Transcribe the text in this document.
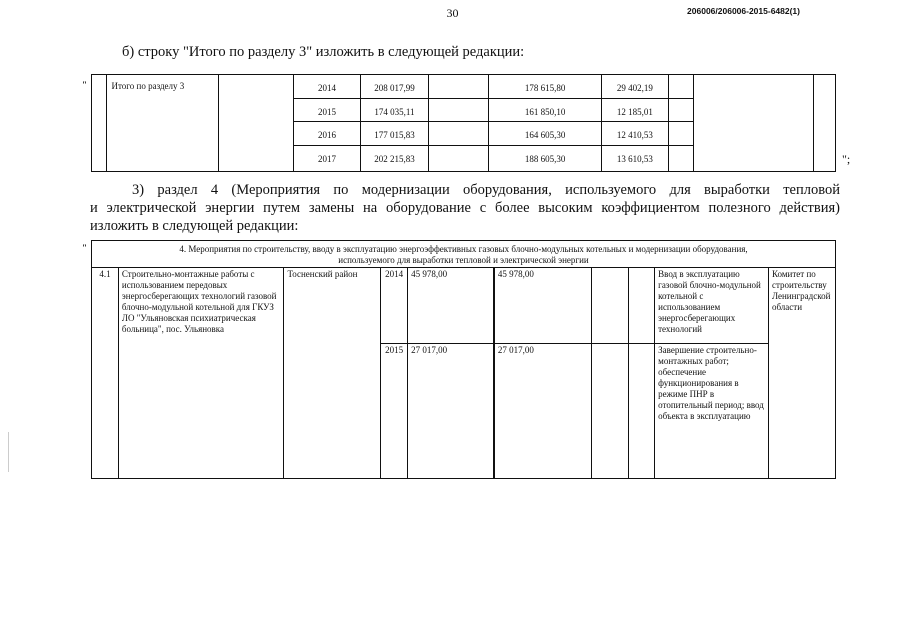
30	206006/206006-2015-6482(1)
б) строку "Итого по разделу 3" изложить в следующей редакции:
"
";
	Итого по разделу 3		2014	208 017,99		178 615,80	29 402,19			
			2015	174 035,11		161 850,10	12 185,01			
			2016	177 015,83		164 605,30	12 410,53			
			2017	202 215,83		188 605,30	13 610,53			
3) раздел 4 (Мероприятия по модернизации оборудования, используемого для выработки тепловой
и электрической энергии путем замены на оборудование с более высоким коэффициентом полезного действия)
изложить в следующей редакции:
"	4. Мероприятия по строительству, вводу в эксплуатацию энергоэффективных газовых блочно-модульных котельных и модернизации оборудования,
используемого для выработки тепловой и электрической энергии									

4.1	Строительно-монтажные работы с использованием передовых энергосберегающих технологий газовой блочно-модульной котельной для ГКУЗ ЛО "Ульяновская психиатрическая больница", пос. Ульяновка	Тосненский район	2014	45 978,00		45 978,00			Ввод в эксплуатацию газовой блочно-модульной котельной с использованием энергосберегающих технологий	Комитет по строительству Ленинградской области
			2015	27 017,00		27 017,00			Завершение строительно-монтажных работ; обеспечение функционирования в режиме ПНР в отопительный период; ввод объекта в эксплуатацию	
